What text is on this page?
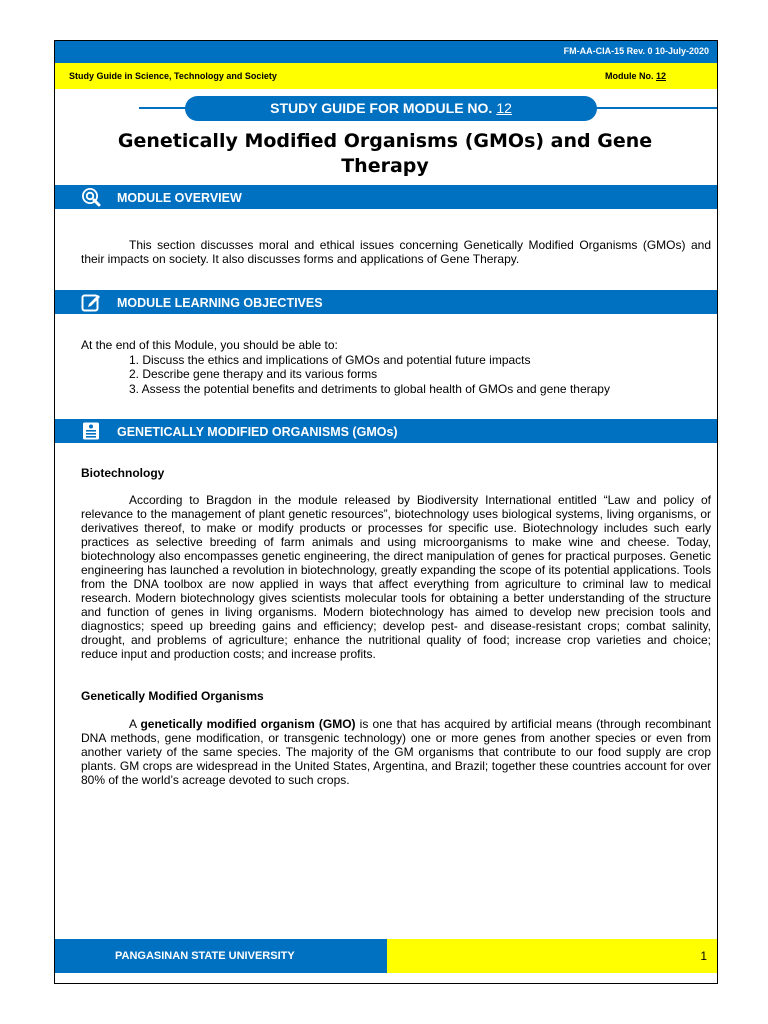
FM-AA-CIA-15 Rev. 0 10-July-2020
Study Guide in Science, Technology and Society	Module No. 12
STUDY GUIDE FOR MODULE NO. 12
Genetically Modified Organisms (GMOs) and Gene Therapy
MODULE OVERVIEW
This section discusses moral and ethical issues concerning Genetically Modified Organisms (GMOs) and their impacts on society. It also discusses forms and applications of Gene Therapy.
MODULE LEARNING OBJECTIVES
At the end of this Module, you should be able to:
1. Discuss the ethics and implications of GMOs and potential future impacts
2. Describe gene therapy and its various forms
3. Assess the potential benefits and detriments to global health of GMOs and gene therapy
GENETICALLY MODIFIED ORGANISMS (GMOs)
Biotechnology
According to Bragdon in the module released by Biodiversity International entitled “Law and policy of relevance to the management of plant genetic resources”, biotechnology uses biological systems, living organisms, or derivatives thereof, to make or modify products or processes for specific use. Biotechnology includes such early practices as selective breeding of farm animals and using microorganisms to make wine and cheese. Today, biotechnology also encompasses genetic engineering, the direct manipulation of genes for practical purposes. Genetic engineering has launched a revolution in biotechnology, greatly expanding the scope of its potential applications. Tools from the DNA toolbox are now applied in ways that affect everything from agriculture to criminal law to medical research. Modern biotechnology gives scientists molecular tools for obtaining a better understanding of the structure and function of genes in living organisms. Modern biotechnology has aimed to develop new precision tools and diagnostics; speed up breeding gains and efficiency; develop pest- and disease-resistant crops; combat salinity, drought, and problems of agriculture; enhance the nutritional quality of food; increase crop varieties and choice; reduce input and production costs; and increase profits.
Genetically Modified Organisms
A genetically modified organism (GMO) is one that has acquired by artificial means (through recombinant DNA methods, gene modification, or transgenic technology) one or more genes from another species or even from another variety of the same species. The majority of the GM organisms that contribute to our food supply are crop plants. GM crops are widespread in the United States, Argentina, and Brazil; together these countries account for over 80% of the world’s acreage devoted to such crops.
PANGASINAN STATE UNIVERSITY	1
